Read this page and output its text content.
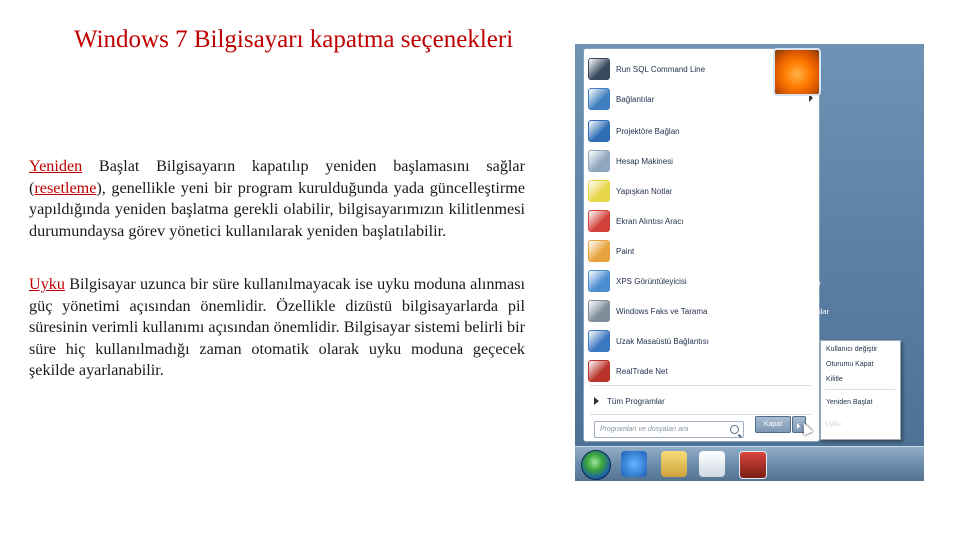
Windows 7 Bilgisayarı kapatma seçenekleri
Yeniden Başlat Bilgisayarın kapatılıp yeniden başlamasını sağlar (resetleme), genellikle yeni bir program kurulduğunda yada güncelleştirme yapıldığında yeniden başlatma gerekli olabilir, bilgisayarımızın kilitlenmesi durumundaysa görev yönetici kullanılarak yeniden başlatılabilir.
Uyku Bilgisayar uzunca bir süre kullanılmayacak ise uyku moduna alınması güç yönetimi açısından önemlidir. Özellikle dizüstü bilgisayarlarda pil süresinin verimli kullanımı açısından önemlidir. Bilgisayar sistemi belirli bir süre hiç kullanılmadığı zaman otomatik olarak uyku moduna geçecek şekilde ayarlanabilir.
Tüm Programlar
Programları ve dosyaları ara
Run SQL Command Line
Bağlantılar
Projektöre Bağlan
Hesap Makinesi
Yapışkan Notlar
Ekran Alıntısı Aracı
Paint
XPS Görüntüleyicisi
Windows Faks ve Tarama
Uzak Masaüstü Bağlantısı
RealTrade Net
sntr
Belgeler
Resimler
Müzik
Bilgisayar
Denetim Masası
Aygıtlar ve Yazıcılar
Varsayılan Programlar
Yardım ve Destek
Kapat
Kullanıcı değiştir
Oturumu Kapat
Kilitle
Yeniden Başlat
Uyku
